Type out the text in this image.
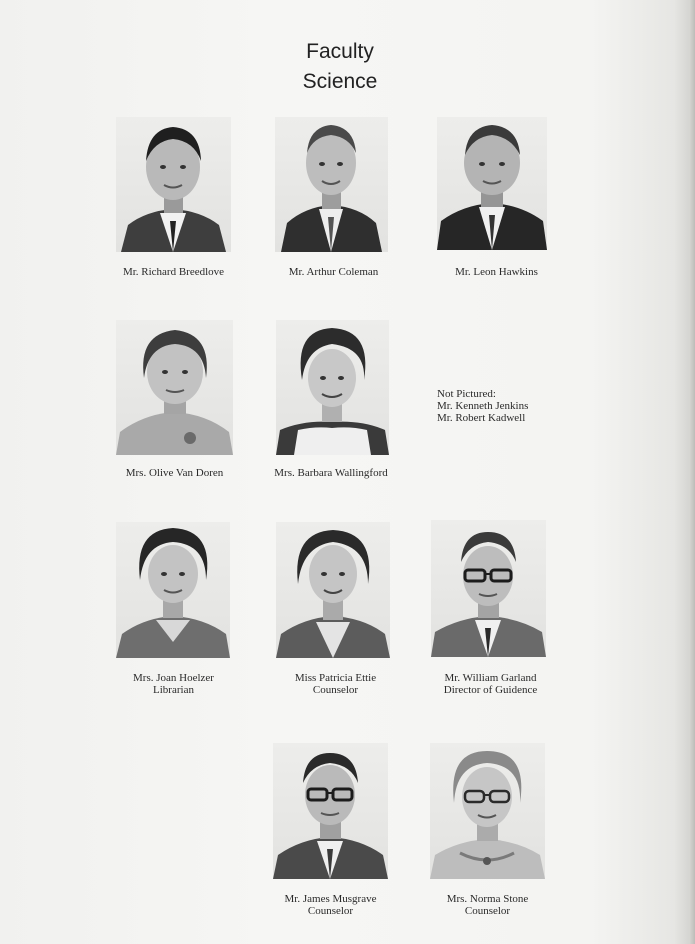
Faculty
Science
Mr. Richard Breedlove	Mr. Arthur Coleman	Mr. Leon Hawkins
Mrs. Olive Van Doren	Mrs. Barbara Wallingford
Not Pictured:
Mr. Kenneth Jenkins
Mr. Robert Kadwell
Mrs. Joan Hoelzer
Librarian
Miss Patricia Ettie
Counselor
Mr. William Garland
Director of Guidence
Mr. James Musgrave
Counselor
Mrs. Norma Stone
Counselor
